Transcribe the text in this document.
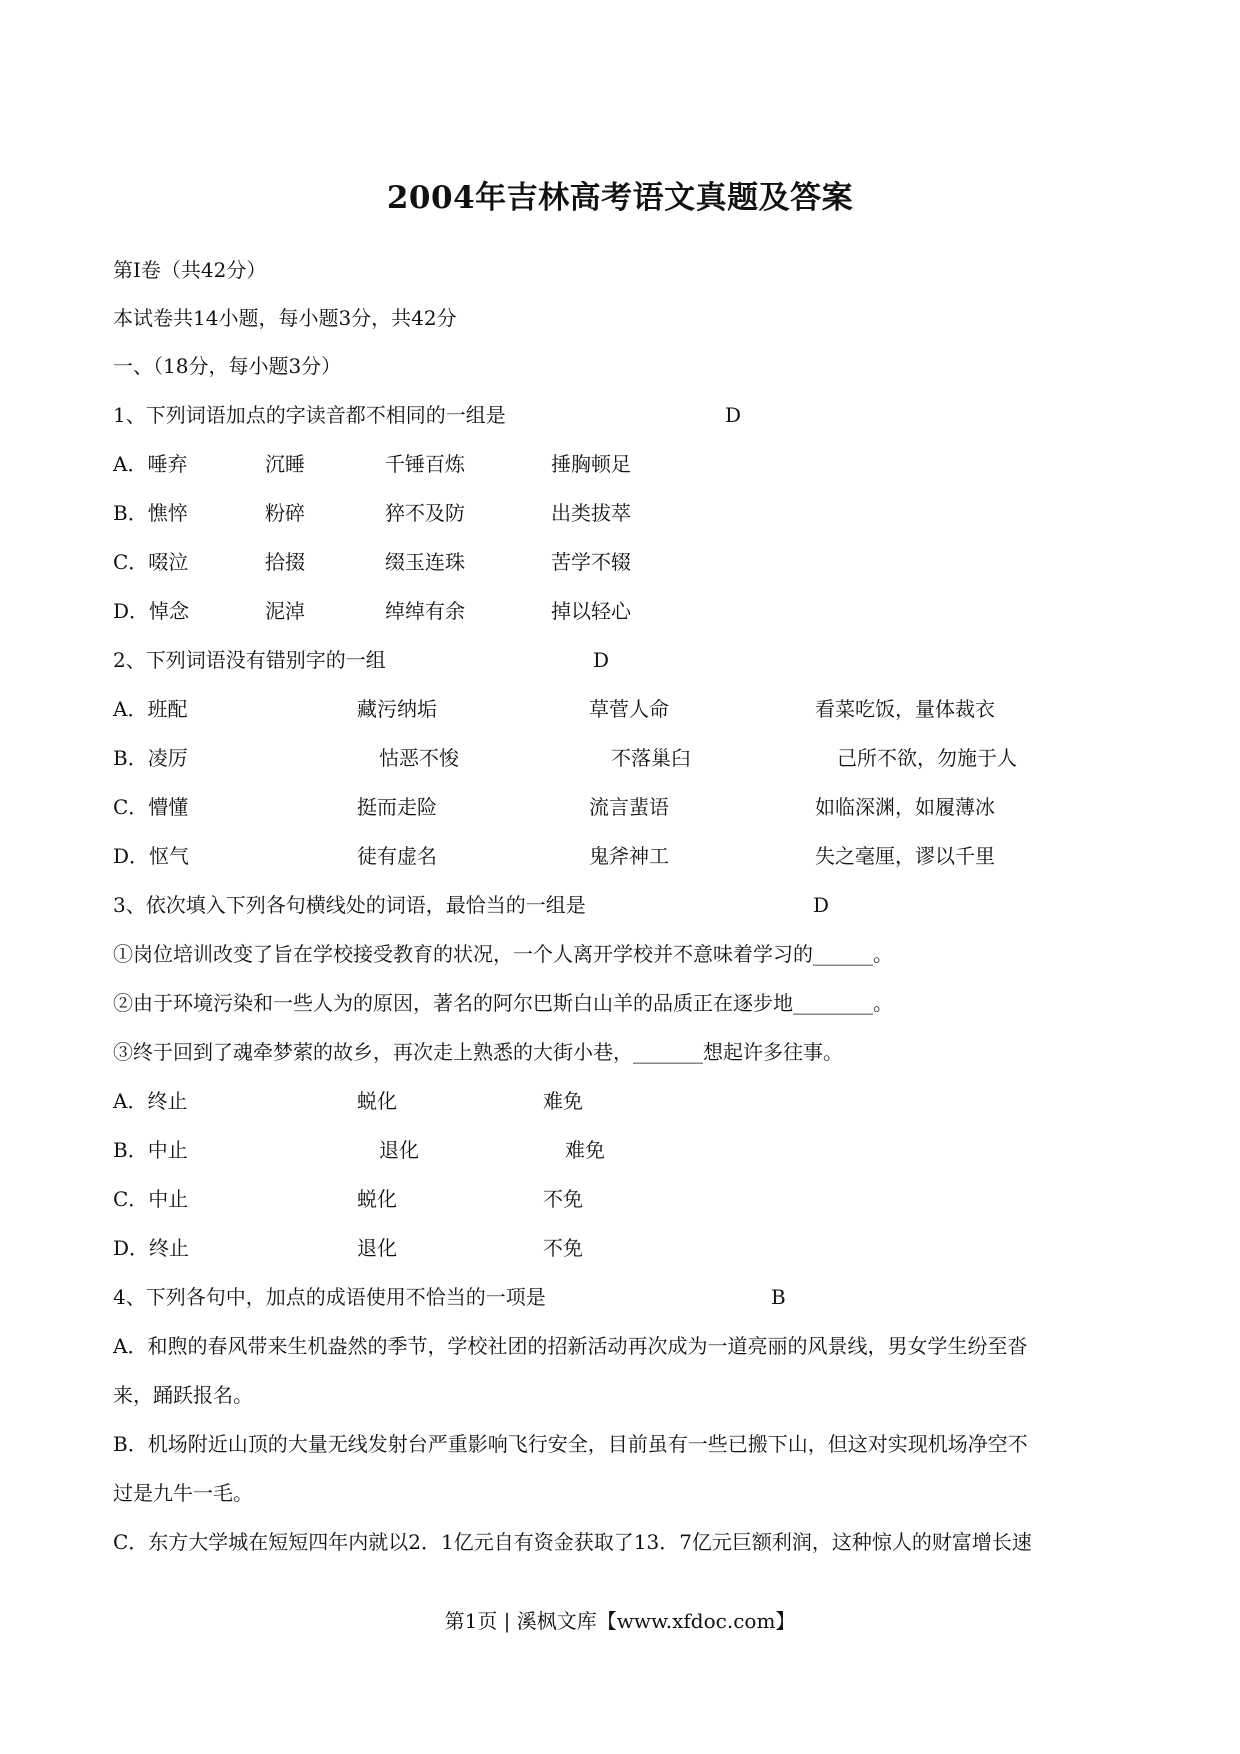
2004年吉林高考语文真题及答案
第Ⅰ卷（共42分）
本试卷共14小题，每小题3分，共42分
一、（18分，每小题3分）
1、下列词语加点的字读音都不相同的一组是	D
A．唾弃	沉睡	千锤百炼	捶胸顿足
B．憔悴	粉碎	猝不及防	出类拔萃
C．啜泣	拾掇	缀玉连珠	苦学不辍
D．悼念	泥淖	绰绰有余	掉以轻心
2、下列词语没有错别字的一组	D
A．班配	藏污纳垢	草菅人命	看菜吃饭，量体裁衣
B．凌厉	怙恶不悛	不落巢臼	己所不欲，勿施于人
C．懵懂	挺而走险	流言蜚语	如临深渊，如履薄冰
D．怄气	徒有虚名	鬼斧神工	失之毫厘，谬以千里
3、依次填入下列各句横线处的词语，最恰当的一组是	D
①岗位培训改变了旨在学校接受教育的状况，一个人离开学校并不意味着学习的______。
②由于环境污染和一些人为的原因，著名的阿尔巴斯白山羊的品质正在逐步地________。
③终于回到了魂牵梦萦的故乡，再次走上熟悉的大街小巷，_______想起许多往事。
A．终止	蜕化	难免
B．中止	退化	难免
C．中止	蜕化	不免
D．终止	退化	不免
4、下列各句中，加点的成语使用不恰当的一项是	B
A．和煦的春风带来生机盎然的季节，学校社团的招新活动再次成为一道亮丽的风景线，男女学生纷至沓
来，踊跃报名。
B．机场附近山顶的大量无线发射台严重影响飞行安全，目前虽有一些已搬下山，但这对实现机场净空不
过是九牛一毛。
C．东方大学城在短短四年内就以2．1亿元自有资金获取了13．7亿元巨额利润，这种惊人的财富增长速
第1页 | 溪枫文库【www.xfdoc.com】
